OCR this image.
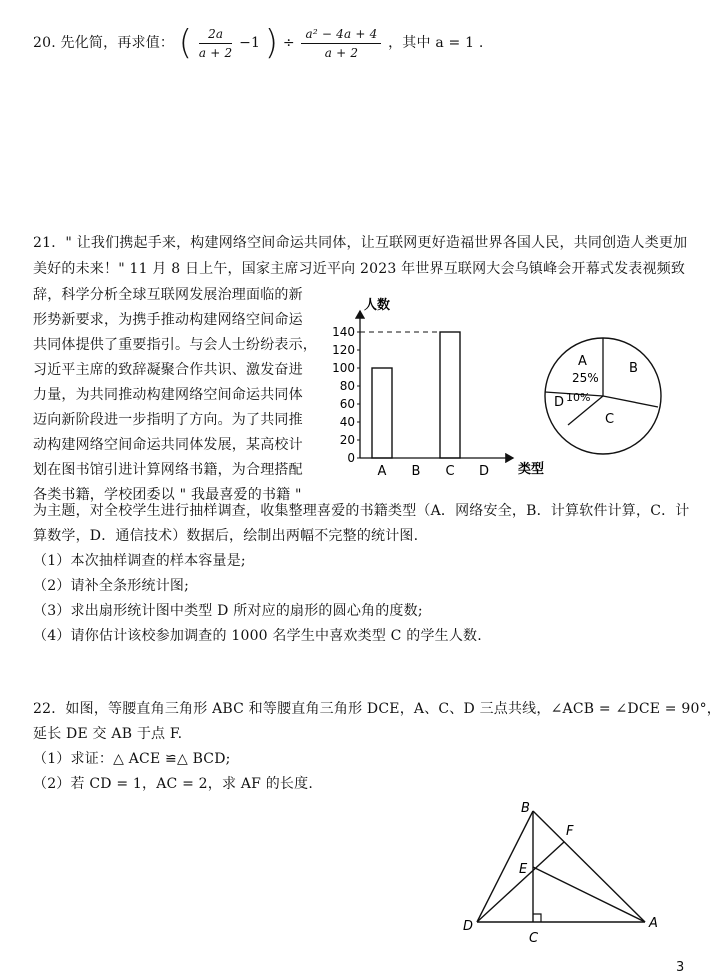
20. 先化简，再求值： ( $\frac{2a}{a + 2} -1$ ) ÷ $\frac{\text{a² − 4a + 4}}{a + 2}$ ，其中 a = 1 .
21．" 让我们携起手来，构建网络空间命运共同体，让互联网更好造福世界各国人民，共同创造人类更加
美好的未来！" 11 月 8 日上午，国家主席习近平向 2023 年世界互联网大会乌镇峰会开幕式发表视频致
辞，科学分析全球互联网发展治理面临的新
形势新要求，为携手推动构建网络空间命运
共同体提供了重要指引。与会人士纷纷表示，
习近平主席的致辞凝聚合作共识、激发奋进
力量，为共同推动构建网络空间命运共同体
迈向新阶段进一步指明了方向。为了共同推
动构建网络空间命运共同体发展，某高校计
划在图书馆引进计算网络书籍，为合理搭配
各类书籍，学校团委以 " 我最喜爱的书籍 "
为主题，对全校学生进行抽样调查，收集整理喜爱的书籍类型（A．网络安全，B．计算软件计算，C．计
算数学，D．通信技术）数据后，绘制出两幅不完整的统计图.
（1）本次抽样调查的样本容量是;
（2）请补全条形统计图;
（3）求出扇形统计图中类型 D 所对应的扇形的圆心角的度数;
（4）请你估计该校参加调查的 1000 名学生中喜欢类型 C 的学生人数.
人数
0
20
40
60
80
100
120
140
A B C D 类型
A
25%
B
C
D 10%
22．如图，等腰直角三角形 ABC 和等腰直角三角形 DCE，A、C、D 三点共线，∠ACB = ∠DCE = 90°，
延长 DE 交 AB 于点 F.
（1）求证：△ ACE ≌△ BCD;
（2）若 CD = 1，AC = 2，求 AF 的长度.
B
F
E
D
C
A
3
